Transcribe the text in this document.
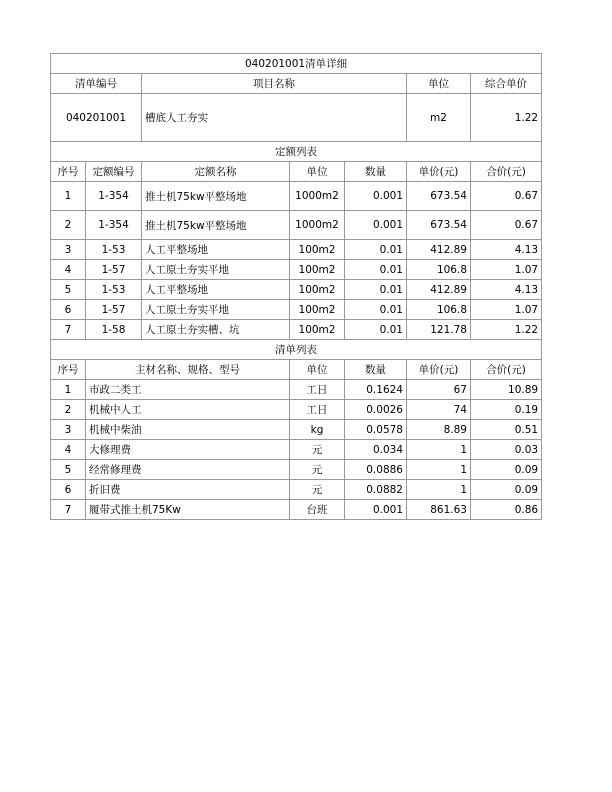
040201001清单详细						
清单编号		项目名称			单位	综合单价
040201001		槽底人工夯实			m2	1.22
定额列表						
序号	定额编号	定额名称	单位	数量	单价(元)	合价(元)
1	1-354	推土机75kw平整场地	1000m2	0.001	673.54	0.67
2	1-354	推土机75kw平整场地	1000m2	0.001	673.54	0.67
3	1-53	人工平整场地	100m2	0.01	412.89	4.13
4	1-57	人工原土夯实平地	100m2	0.01	106.8	1.07
5	1-53	人工平整场地	100m2	0.01	412.89	4.13
6	1-57	人工原土夯实平地	100m2	0.01	106.8	1.07
7	1-58	人工原土夯实槽、坑	100m2	0.01	121.78	1.22
清单列表						
序号	主材名称、规格、型号		单位	数量	单价(元)	合价(元)
1	市政二类工		工日	0.1624	67	10.89
2	机械中人工		工日	0.0026	74	0.19
3	机械中柴油		kg	0.0578	8.89	0.51
4	大修理费		元	0.034	1	0.03
5	经常修理费		元	0.0886	1	0.09
6	折旧费		元	0.0882	1	0.09
7	履带式推土机75Kw		台班	0.001	861.63	0.86
